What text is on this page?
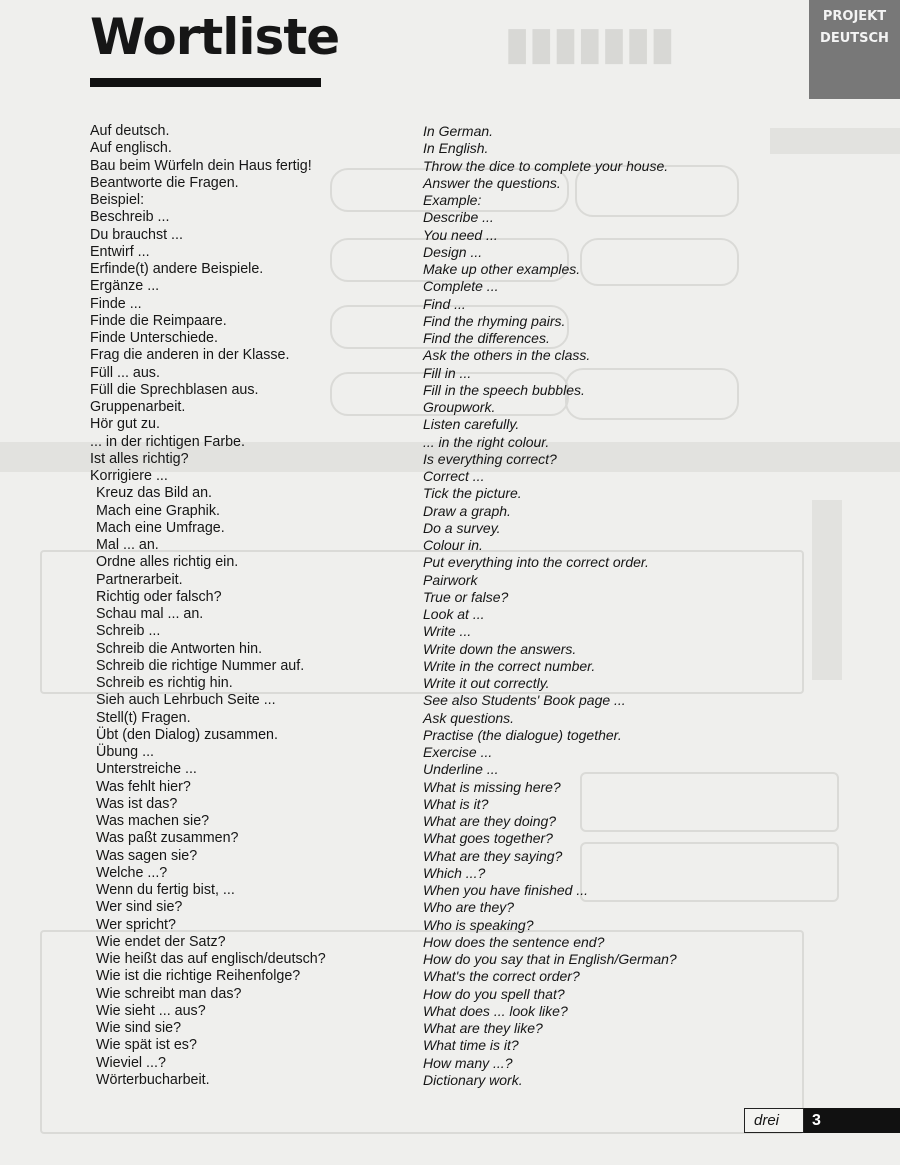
▮▮▮▮▮▮▮
Wortliste	PROJEKT
DEUTSCH
Auf deutsch.	In German.
Auf englisch.	In English.
Bau beim Würfeln dein Haus fertig!	Throw the dice to complete your house.
Beantworte die Fragen.	Answer the questions.
Beispiel:	Example:
Beschreib ...	Describe ...
Du brauchst ...	You need ...
Entwirf ...	Design ...
Erfinde(t) andere Beispiele.	Make up other examples.
Ergänze ...	Complete ...
Finde ...	Find ...
Finde die Reimpaare.	Find the rhyming pairs.
Finde Unterschiede.	Find the differences.
Frag die anderen in der Klasse.	Ask the others in the class.
Füll ... aus.	Fill in ...
Füll die Sprechblasen aus.	Fill in the speech bubbles.
Gruppenarbeit.	Groupwork.
Hör gut zu.	Listen carefully.
... in der richtigen Farbe.	... in the right colour.
Ist alles richtig?	Is everything correct?
Korrigiere ...	Correct ...
Kreuz das Bild an.	Tick the picture.
Mach eine Graphik.	Draw a graph.
Mach eine Umfrage.	Do a survey.
Mal ... an.	Colour in.
Ordne alles richtig ein.	Put everything into the correct order.
Partnerarbeit.	Pairwork
Richtig oder falsch?	True or false?
Schau mal ... an.	Look at ...
Schreib ...	Write ...
Schreib die Antworten hin.	Write down the answers.
Schreib die richtige Nummer auf.	Write in the correct number.
Schreib es richtig hin.	Write it out correctly.
Sieh auch Lehrbuch Seite ...	See also Students' Book page ...
Stell(t) Fragen.	Ask questions.
Übt (den Dialog) zusammen.	Practise (the dialogue) together.
Übung ...	Exercise ...
Unterstreiche ...	Underline ...
Was fehlt hier?	What is missing here?
Was ist das?	What is it?
Was machen sie?	What are they doing?
Was paßt zusammen?	What goes together?
Was sagen sie?	What are they saying?
Welche ...?	Which ...?
Wenn du fertig bist, ...	When you have finished ...
Wer sind sie?	Who are they?
Wer spricht?	Who is speaking?
Wie endet der Satz?	How does the sentence end?
Wie heißt das auf englisch/deutsch?	How do you say that in English/German?
Wie ist die richtige Reihenfolge?	What's the correct order?
Wie schreibt man das?	How do you spell that?
Wie sieht ... aus?	What does ... look like?
Wie sind sie?	What are they like?
Wie spät ist es?	What time is it?
Wieviel ...?	How many ...?
Wörterbucharbeit.	Dictionary work.
drei	3
